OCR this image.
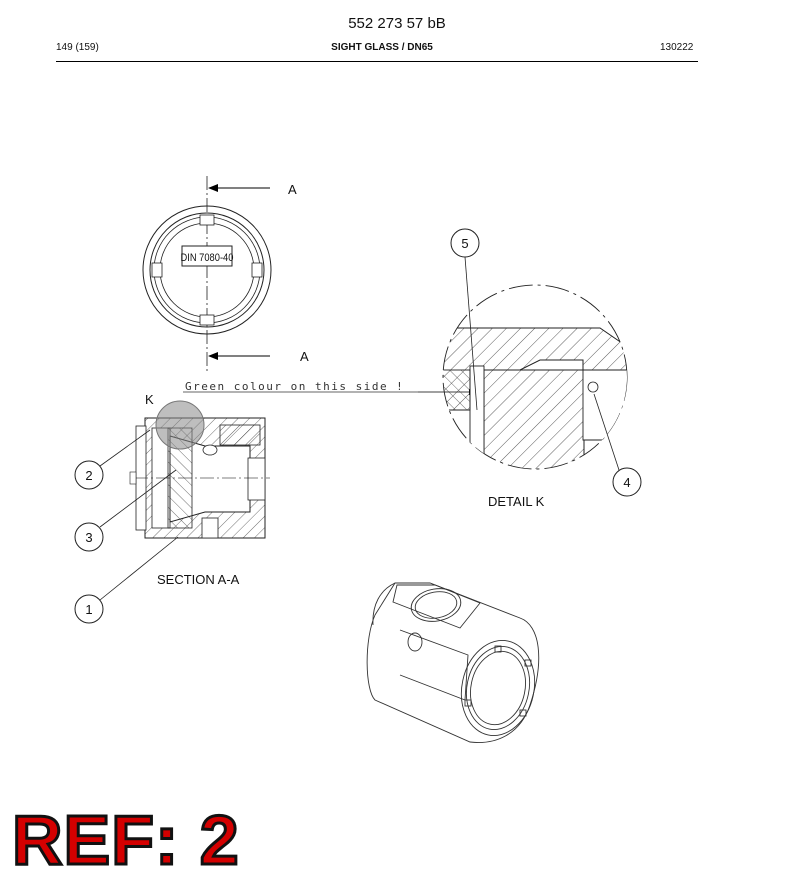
552 273 57 bB
149 (159)	SIGHT GLASS / DN65	130222
DIN 7080-40
A
A
Green colour on this side !
K
SECTION A-A
2
3
1
DETAIL K
5
4
REF: 2
